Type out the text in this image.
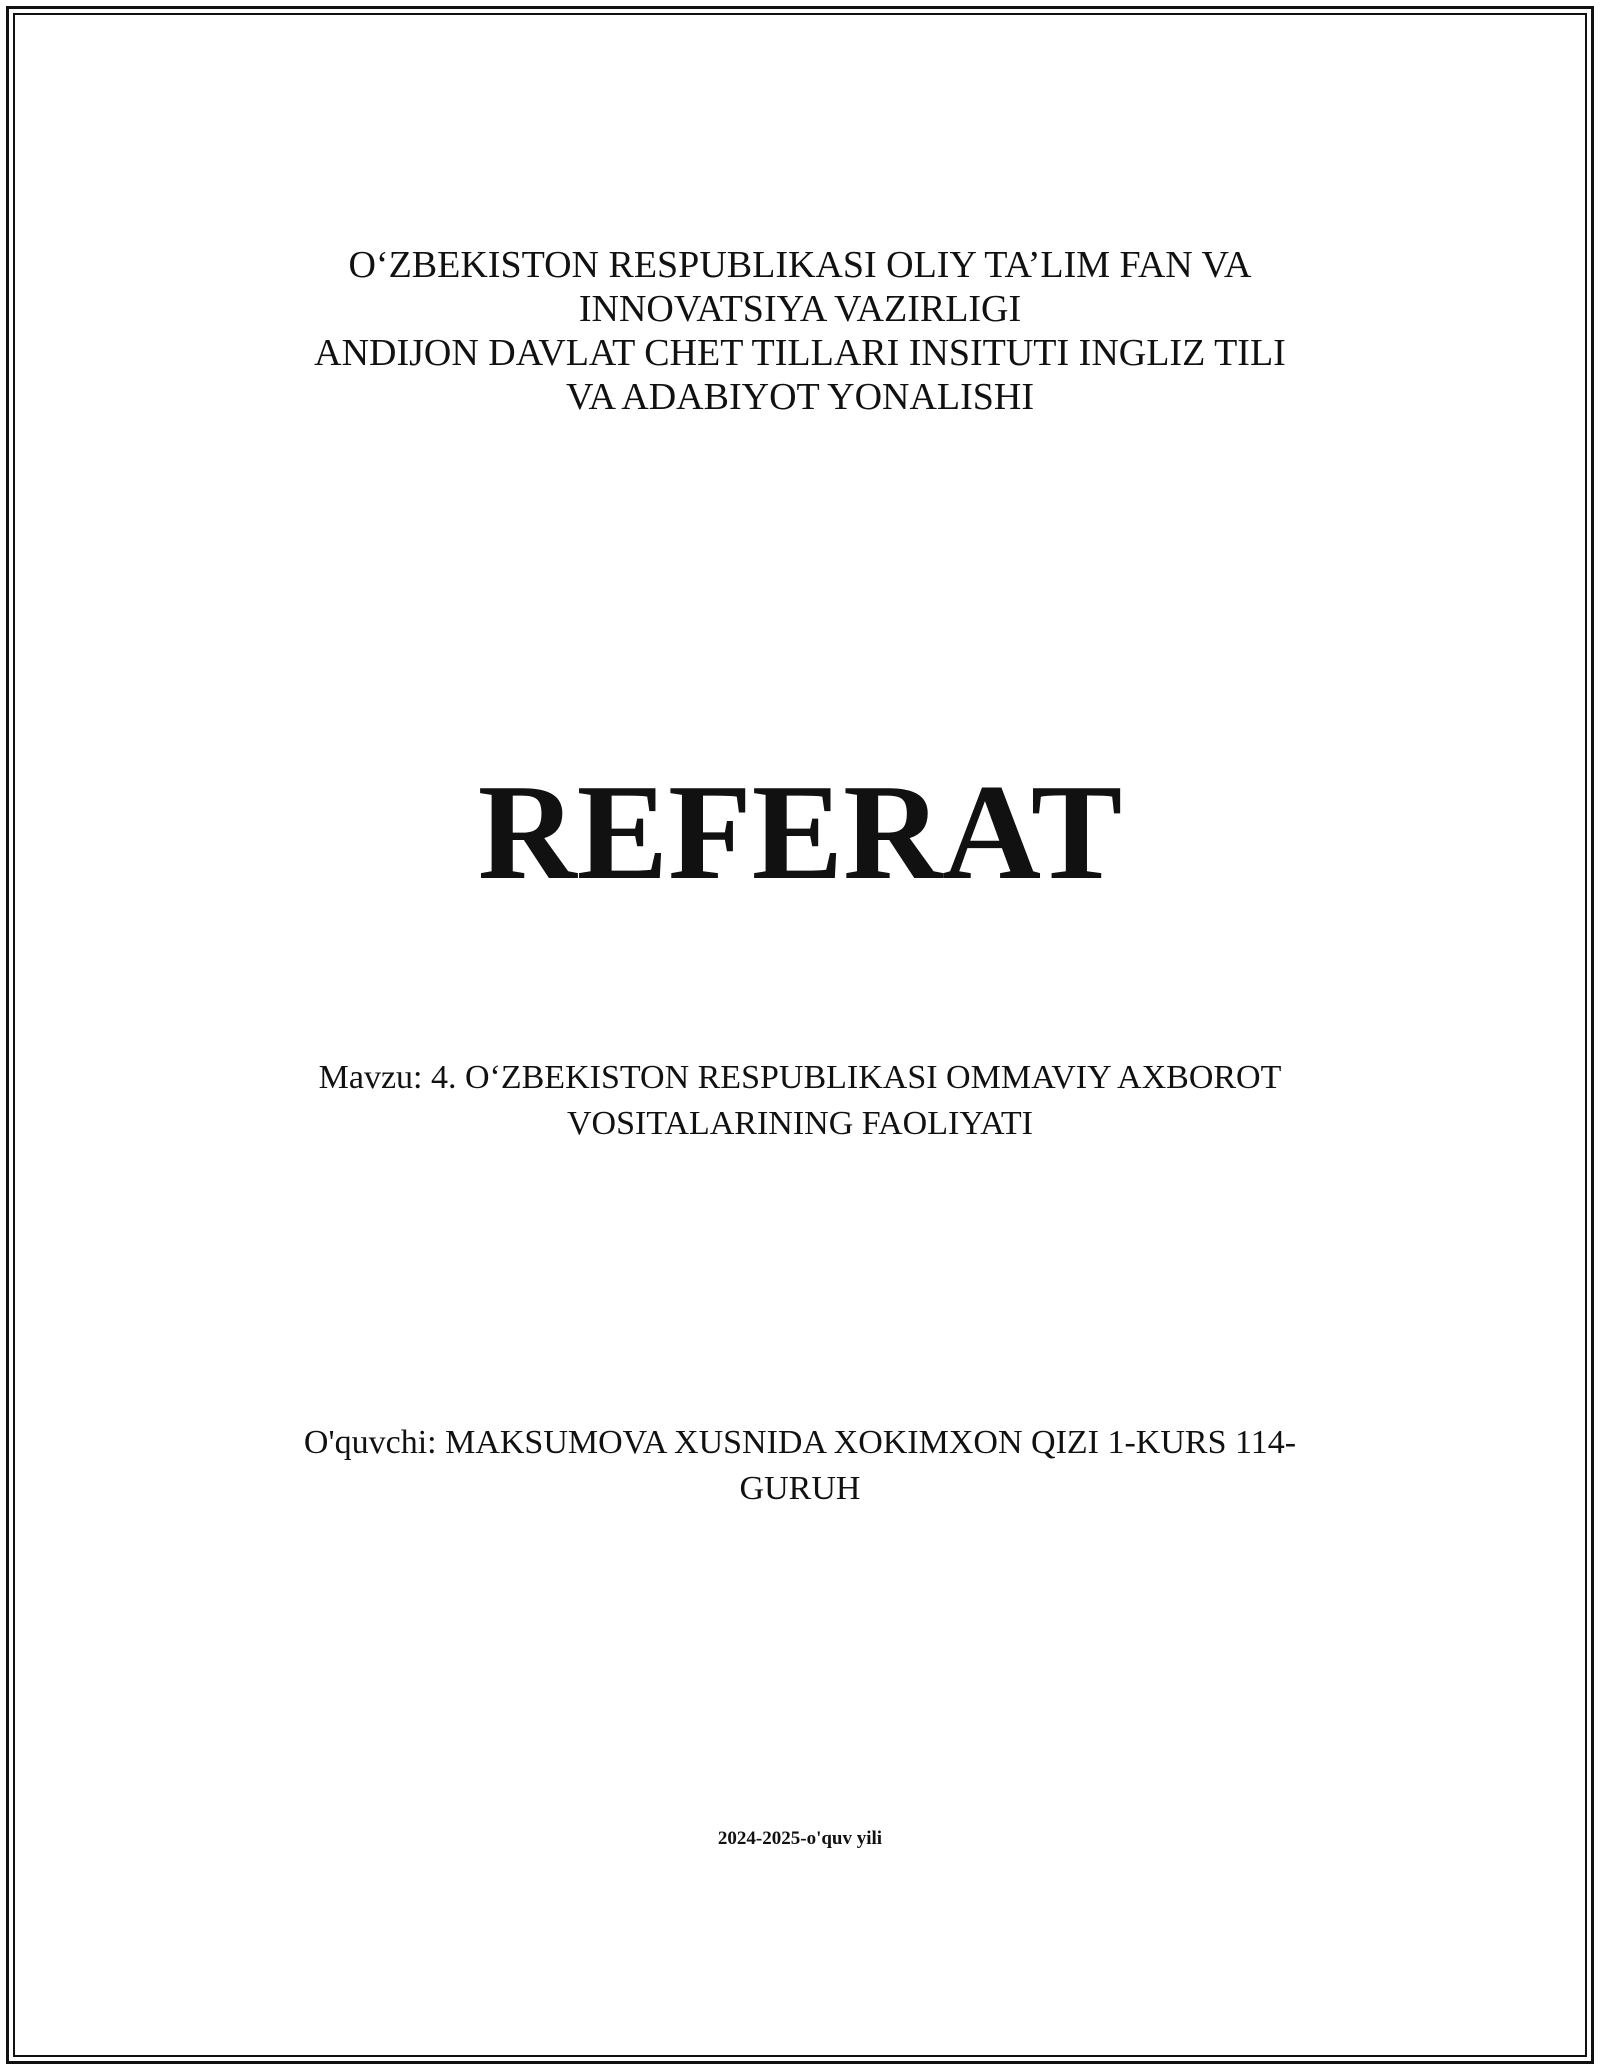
O‘ZBEKISTON RESPUBLIKASI OLIY TA’LIM FAN VA
INNOVATSIYA VAZIRLIGI
ANDIJON DAVLAT CHET TILLARI INSITUTI INGLIZ TILI
VA ADABIYOT YONALISHI
REFERAT
Mavzu: 4. O‘ZBEKISTON RESPUBLIKASI OMMAVIY AXBOROT
VOSITALARINING FAOLIYATI
O'quvchi: MAKSUMOVA XUSNIDA XOKIMXON QIZI 1-KURS 114-
GURUH
2024-2025-o'quv yili
